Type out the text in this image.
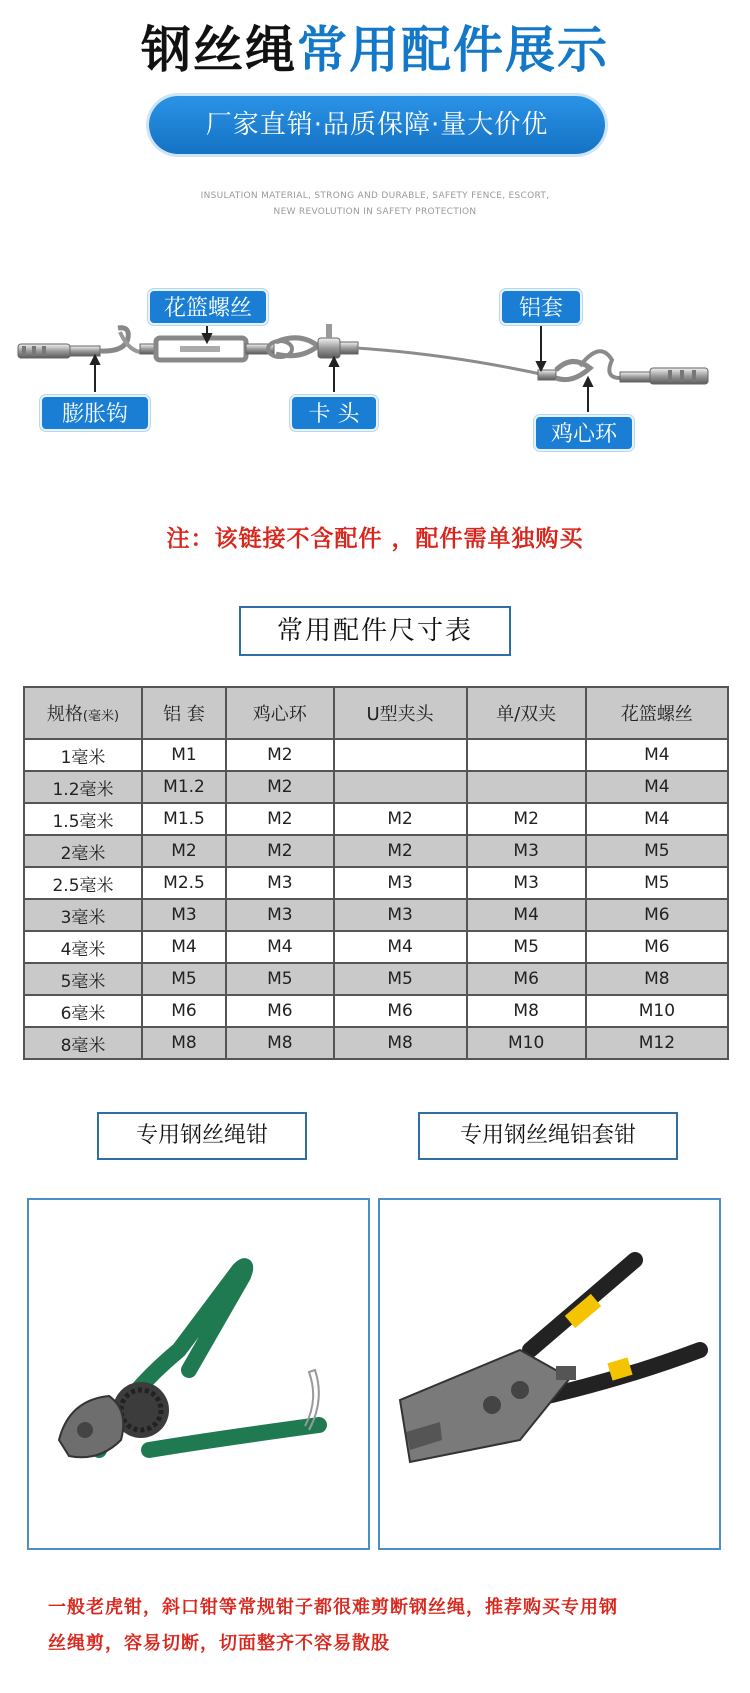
钢丝绳常用配件展示
厂家直销·品质保障·量大价优
INSULATION MATERIAL, STRONG AND DURABLE, SAFETY FENCE, ESCORT,
NEW REVOLUTION IN SAFETY PROTECTION
花篮螺丝	铝套
膨胀钩	卡 头
鸡心环
注：该链接不含配件 ，配件需单独购买
常用配件尺寸表
规格(毫米)	铝 套	鸡心环	U型夹头	单/双夹	花篮螺丝
1毫米	M1	M2			M4
1.2毫米	M1.2	M2			M4
1.5毫米	M1.5	M2	M2	M2	M4
2毫米	M2	M2	M2	M3	M5
2.5毫米	M2.5	M3	M3	M3	M5
3毫米	M3	M3	M3	M4	M6
4毫米	M4	M4	M4	M5	M6
5毫米	M5	M5	M5	M6	M8
6毫米	M6	M6	M6	M8	M10
8毫米	M8	M8	M8	M10	M12
专用钢丝绳钳	专用钢丝绳铝套钳
一般老虎钳，斜口钳等常规钳子都很难剪断钢丝绳，推荐购买专用钢
丝绳剪，容易切断，切面整齐不容易散股
